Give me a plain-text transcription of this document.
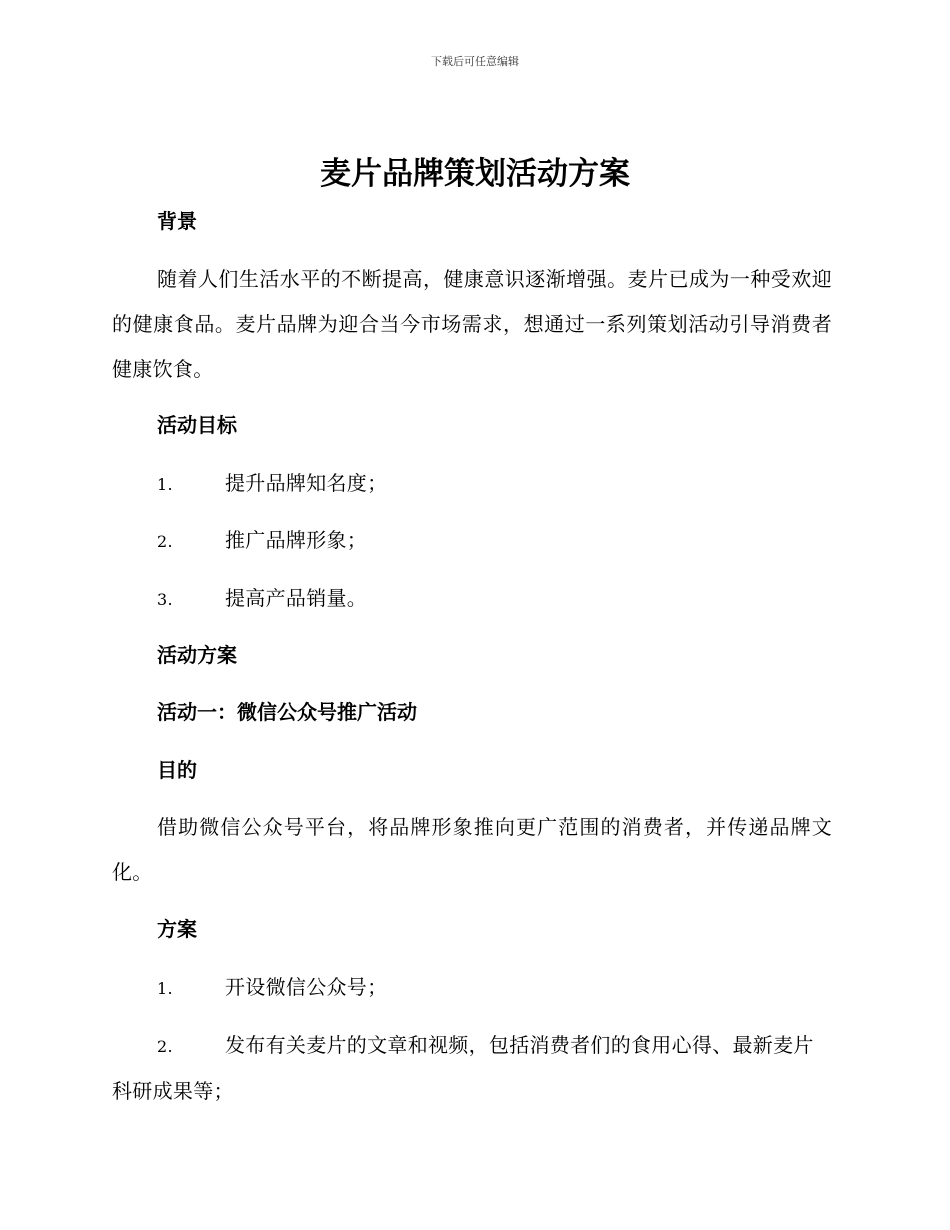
下载后可任意编辑
麦片品牌策划活动方案
背景

随着人们生活水平的不断提高，健康意识逐渐增强。麦片已成为一种受欢迎的健康食品。麦片品牌为迎合当今市场需求，想通过一系列策划活动引导消费者健康饮食。

活动目标
1.	提升品牌知名度；
2.	推广品牌形象；
3.	提高产品销量。
活动方案
活动一：微信公众号推广活动
目的

借助微信公众号平台，将品牌形象推向更广范围的消费者，并传递品牌文化。

方案
1.	开设微信公众号；
2.	发布有关麦片的文章和视频，包括消费者们的食用心得、最新麦片科研成果等；
